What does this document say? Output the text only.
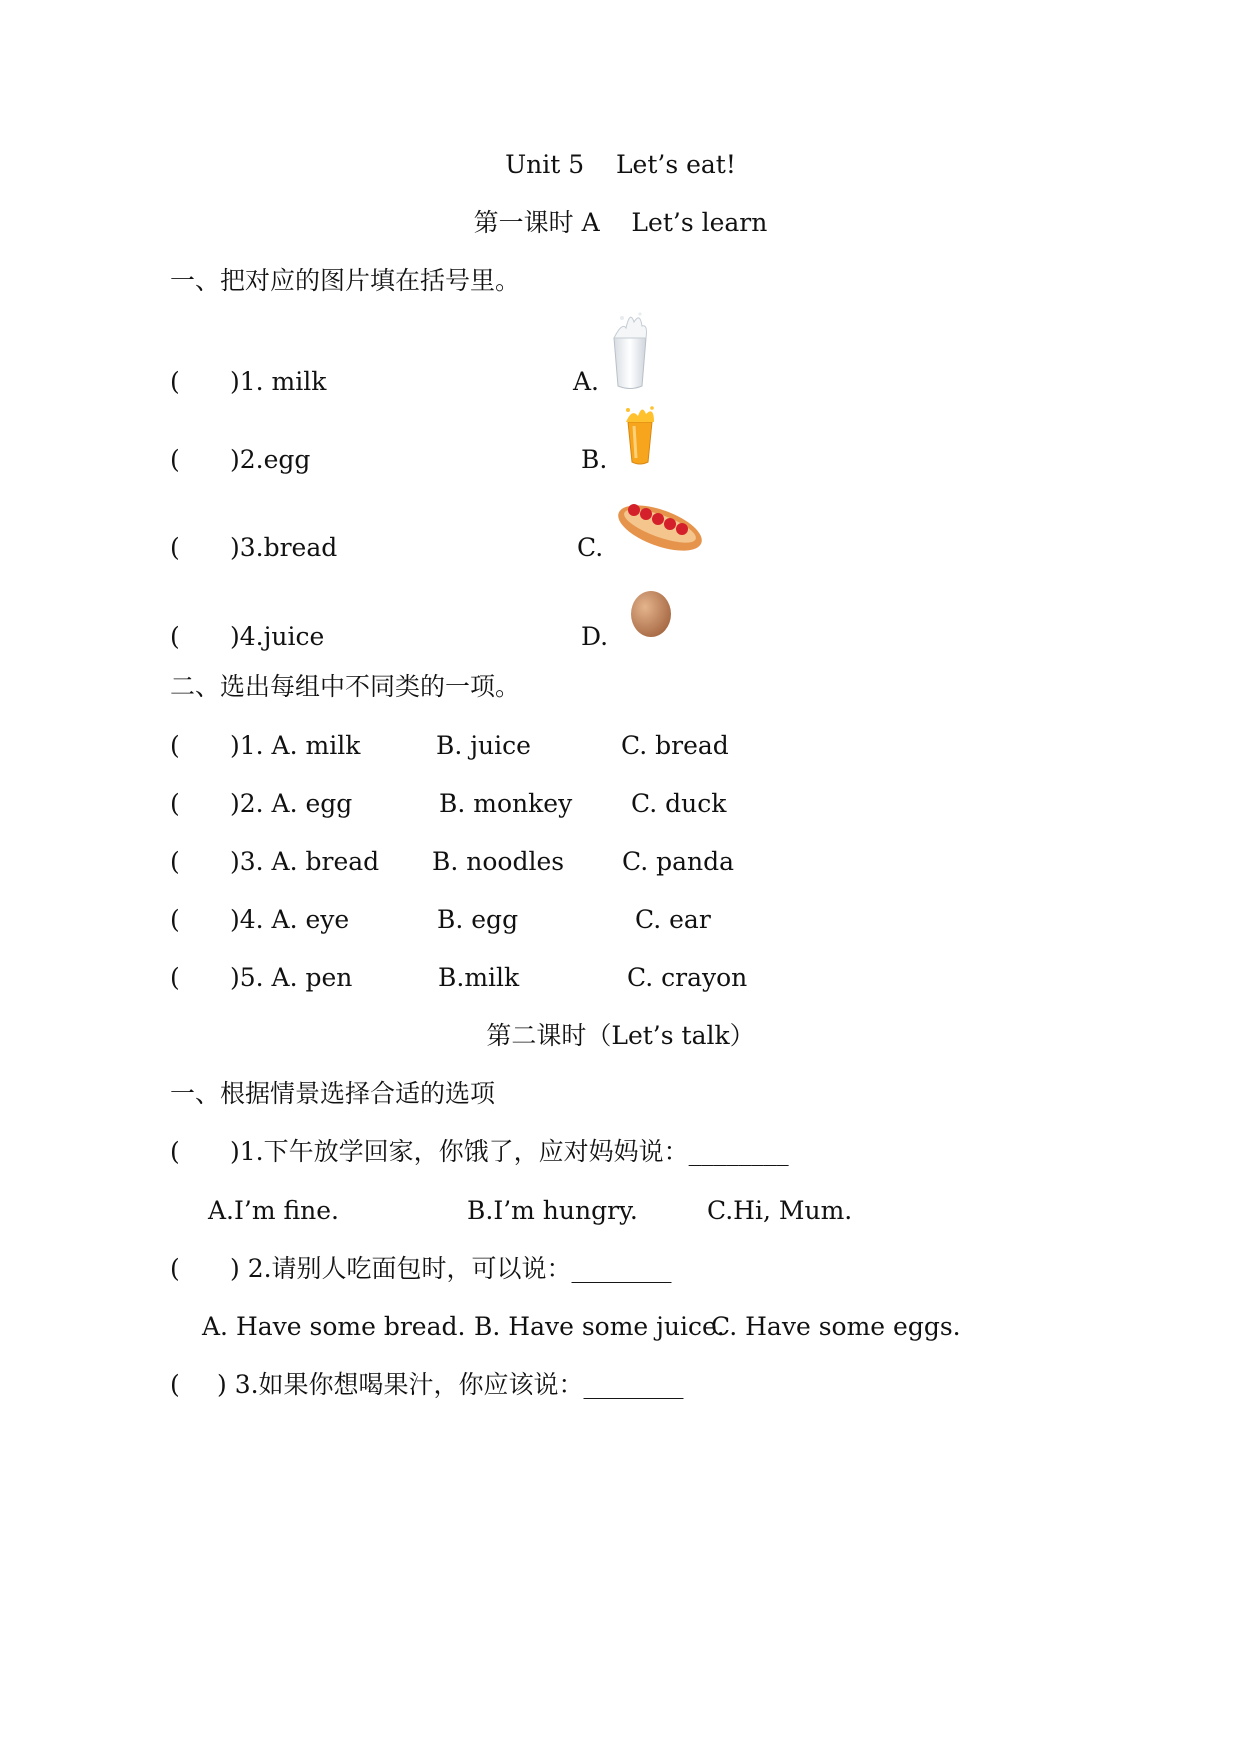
Unit 5    Let’s eat!
第一课时 A    Let’s learn
一、把对应的图片填在括号里。
( )1. milk	A.
( )2.egg	B.
( )3.bread	C.
( )4.juice	D.
二、选出每组中不同类的一项。
( )1. A. milk	B. juice	C. bread
( )2. A. egg	B. monkey C. duck
( )3. A. bread B. noodles C. panda
( )4. A. eye	B. egg	C. ear
( )5. A. pen	B.milk	C. crayon
第二课时（Let’s talk）
一、根据情景选择合适的选项
( )1.下午放学回家，你饿了，应对妈妈说：________
A.I’m fine.	B.I’m hungry.	C.Hi, Mum.
( ) 2.请别人吃面包时，可以说：________
A. Have some bread. B. Have some juice.
C. Have some eggs.
( ) 3.如果你想喝果汁，你应该说：________
